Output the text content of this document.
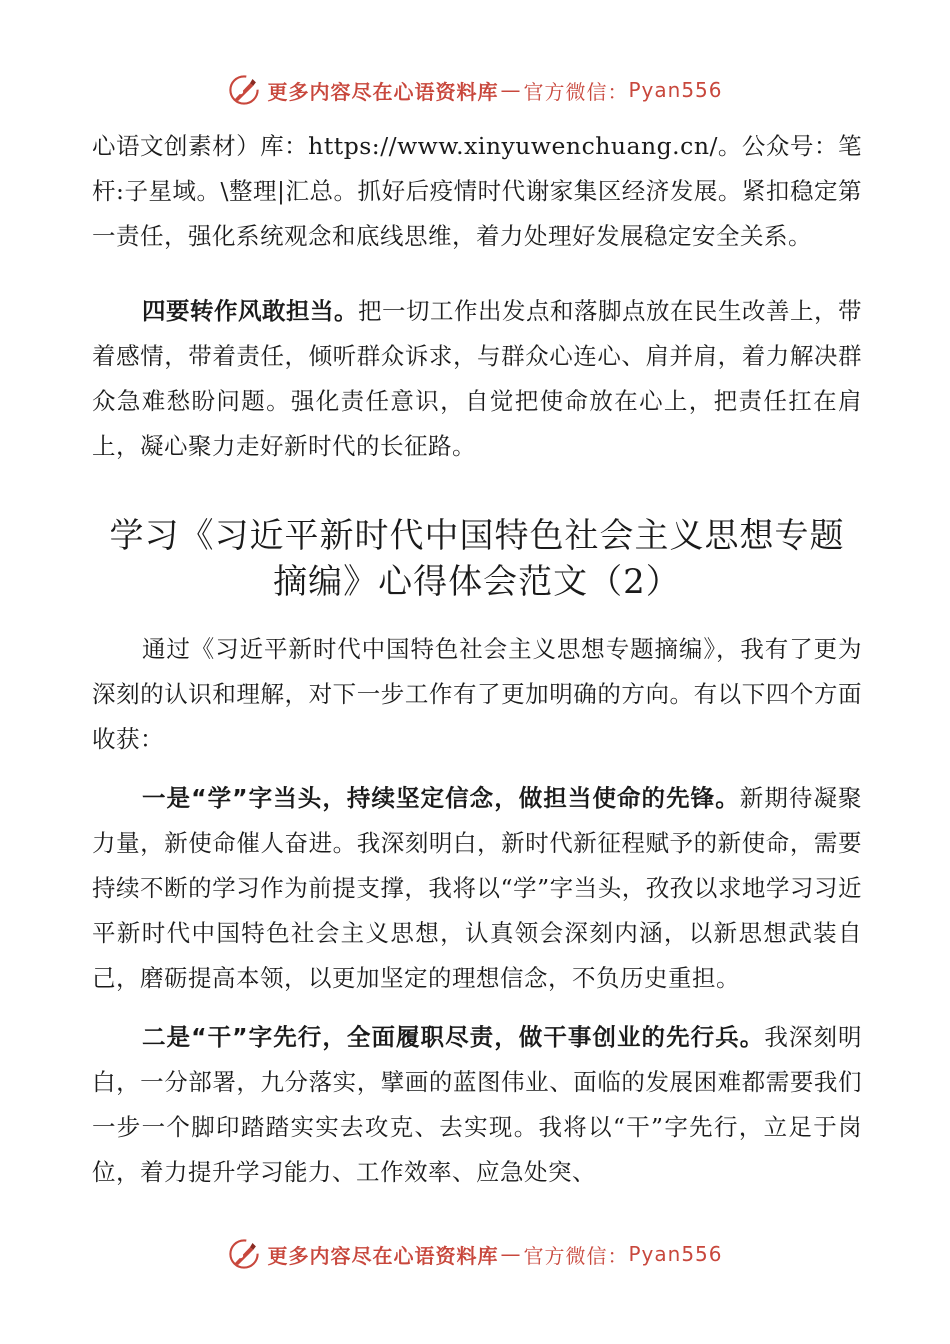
更多内容尽在心语资料库 — 官方微信： Pyan556

心语文创素材）库：https://www.xinyuwenchuang.cn/。公众号：笔杆:子星域。\整理|汇总。抓好后疫情时代谢家集区经济发展。紧扣稳定第一责任，强化系统观念和底线思维，着力处理好发展稳定安全关系。

四要转作风敢担当。把一切工作出发点和落脚点放在民生改善上，带着感情，带着责任，倾听群众诉求，与群众心连心、肩并肩，着力解决群众急难愁盼问题。强化责任意识，自觉把使命放在心上，把责任扛在肩上，凝心聚力走好新时代的长征路。

学习《习近平新时代中国特色社会主义思想专题
摘编》心得体会范文（2）

通过《习近平新时代中国特色社会主义思想专题摘编》，我有了更为深刻的认识和理解，对下一步工作有了更加明确的方向。有以下四个方面收获：

一是“学”字当头，持续坚定信念，做担当使命的先锋。新期待凝聚力量，新使命催人奋进。我深刻明白，新时代新征程赋予的新使命，需要持续不断的学习作为前提支撑，我将以“学”字当头，孜孜以求地学习习近平新时代中国特色社会主义思想，认真领会深刻内涵，以新思想武装自己，磨砺提高本领，以更加坚定的理想信念，不负历史重担。

二是“干”字先行，全面履职尽责，做干事创业的先行兵。我深刻明白，一分部署，九分落实，擘画的蓝图伟业、面临的发展困难都需要我们一步一个脚印踏踏实实去攻克、去实现。我将以“干”字先行，立足于岗位，着力提升学习能力、工作效率、应急处突、

更多内容尽在心语资料库 — 官方微信： Pyan556
